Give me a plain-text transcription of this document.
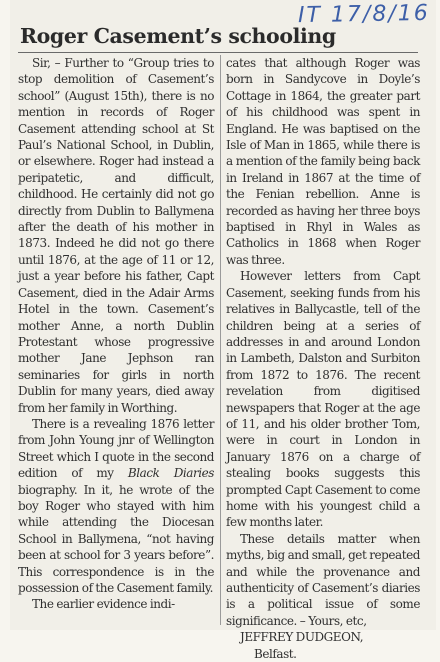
IT 17/8/16
Roger Casement’s schooling

Sir, – Further to “Group tries to stop demolition of Casement’s school” (August 15th), there is no mention in records of Roger Casement attending school at St Paul’s National School, in Dublin, or elsewhere. Roger had instead a peripatetic, and difficult, childhood. He certainly did not go directly from Dublin to Ballymena after the death of his mother in 1873. Indeed he did not go there until 1876, at the age of 11 or 12, just a year before his father, Capt Casement, died in the Adair Arms Hotel in the town. Casement’s mother Anne, a north Dublin Protestant whose progressive mother Jane Jephson ran seminaries for girls in north Dublin for many years, died away from her family in Worthing.

There is a revealing 1876 letter from John Young jnr of Wellington Street which I quote in the second edition of my Black Diaries biography. In it, he wrote of the boy Roger who stayed with him while attending the Diocesan School in Ballymena, “not having been at school for 3 years before”. This correspondence is in the possession of the Casement family.

The earlier evidence indi-

cates that although Roger was born in Sandycove in Doyle’s Cottage in 1864, the greater part of his childhood was spent in England. He was baptised on the Isle of Man in 1865, while there is a mention of the family being back in Ireland in 1867 at the time of the Fenian rebellion. Anne is recorded as having her three boys baptised in Rhyl in Wales as Catholics in 1868 when Roger was three.

However letters from Capt Casement, seeking funds from his relatives in Ballycastle, tell of the children being at a series of addresses in and around London in Lambeth, Dalston and Surbiton from 1872 to 1876. The recent revelation from digitised newspapers that Roger at the age of 11, and his older brother Tom, were in court in London in January 1876 on a charge of stealing books suggests this prompted Capt Casement to come home with his youngest child a few months later.

These details matter when myths, big and small, get repeated and while the provenance and authenticity of Casement’s diaries is a political issue of some significance. – Yours, etc,

JEFFREY DUDGEON,

Belfast.
